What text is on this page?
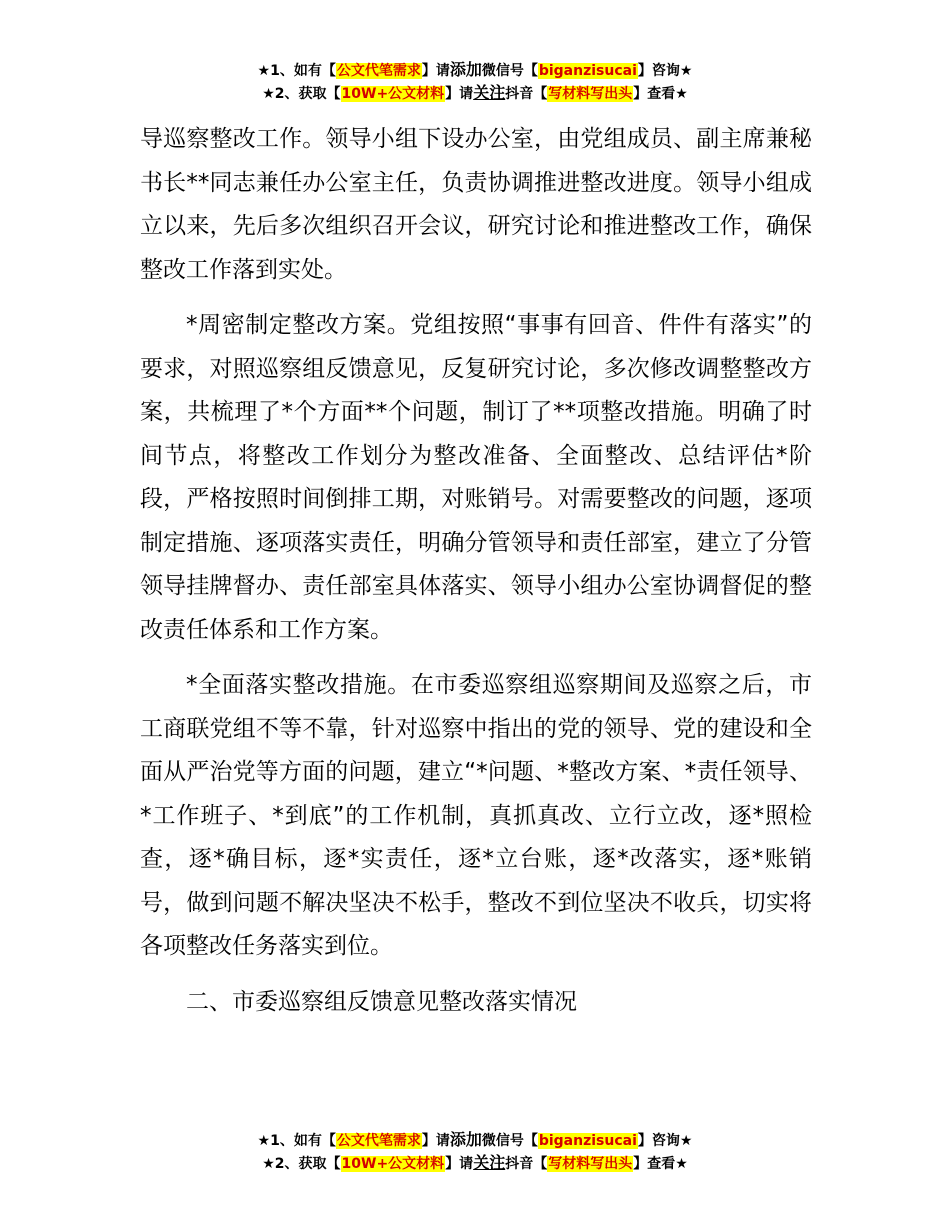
★1、如有【公文代笔需求】请添加微信号【biganzisucai】咨询★
★2、获取【10W+公文材料】请关注抖音【写材料写出头】查看★

导巡察整改工作。领导小组下设办公室，由党组成员、副主席兼秘书长**同志兼任办公室主任，负责协调推进整改进度。领导小组成立以来，先后多次组织召开会议，研究讨论和推进整改工作，确保整改工作落到实处。

*周密制定整改方案。党组按照“事事有回音、件件有落实”的要求，对照巡察组反馈意见，反复研究讨论，多次修改调整整改方案，共梳理了*个方面**个问题，制订了**项整改措施。明确了时间节点，将整改工作划分为整改准备、全面整改、总结评估*阶段，严格按照时间倒排工期，对账销号。对需要整改的问题，逐项制定措施、逐项落实责任，明确分管领导和责任部室，建立了分管领导挂牌督办、责任部室具体落实、领导小组办公室协调督促的整改责任体系和工作方案。

*全面落实整改措施。在市委巡察组巡察期间及巡察之后，市工商联党组不等不靠，针对巡察中指出的党的领导、党的建设和全面从严治党等方面的问题，建立“*问题、*整改方案、*责任领导、*工作班子、*到底”的工作机制，真抓真改、立行立改，逐*照检查，逐*确目标，逐*实责任，逐*立台账，逐*改落实，逐*账销号，做到问题不解决坚决不松手，整改不到位坚决不收兵，切实将各项整改任务落实到位。

二、市委巡察组反馈意见整改落实情况

★1、如有【公文代笔需求】请添加微信号【biganzisucai】咨询★
★2、获取【10W+公文材料】请关注抖音【写材料写出头】查看★
